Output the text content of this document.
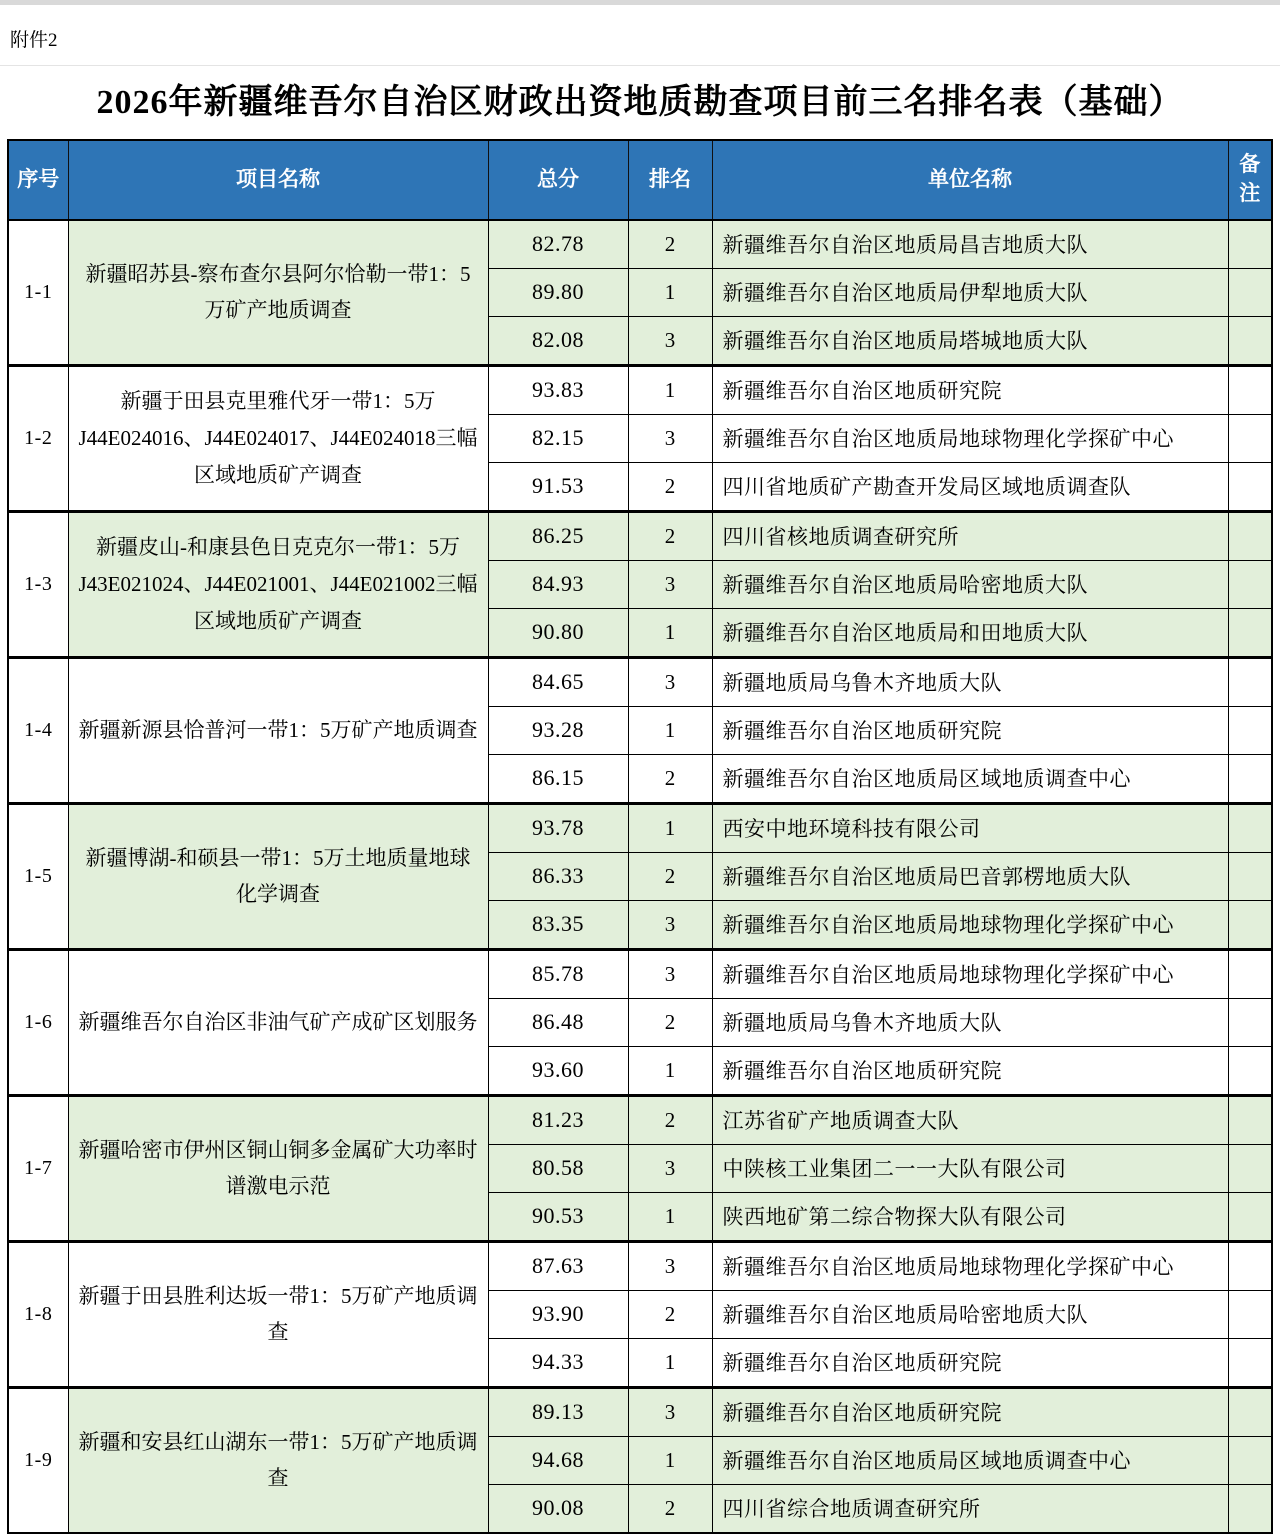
附件2
2026年新疆维吾尔自治区财政出资地质勘查项目前三名排名表（基础）
序号	项目名称	总分	排名	单位名称	备注
1-1	新疆昭苏县-察布查尔县阿尔恰勒一带1：5万矿产地质调查	82.78	2	新疆维吾尔自治区地质局昌吉地质大队	
		89.80	1	新疆维吾尔自治区地质局伊犁地质大队	
		82.08	3	新疆维吾尔自治区地质局塔城地质大队	
1-2	新疆于田县克里雅代牙一带1：5万J44E024016、J44E024017、J44E024018三幅区域地质矿产调查	93.83	1	新疆维吾尔自治区地质研究院	
		82.15	3	新疆维吾尔自治区地质局地球物理化学探矿中心	
		91.53	2	四川省地质矿产勘查开发局区域地质调查队	
1-3	新疆皮山-和康县色日克克尔一带1：5万J43E021024、J44E021001、J44E021002三幅区域地质矿产调查	86.25	2	四川省核地质调查研究所	
		84.93	3	新疆维吾尔自治区地质局哈密地质大队	
		90.80	1	新疆维吾尔自治区地质局和田地质大队	
1-4	新疆新源县恰普河一带1：5万矿产地质调查	84.65	3	新疆地质局乌鲁木齐地质大队	
		93.28	1	新疆维吾尔自治区地质研究院	
		86.15	2	新疆维吾尔自治区地质局区域地质调查中心	
1-5	新疆博湖-和硕县一带1：5万土地质量地球化学调查	93.78	1	西安中地环境科技有限公司	
		86.33	2	新疆维吾尔自治区地质局巴音郭楞地质大队	
		83.35	3	新疆维吾尔自治区地质局地球物理化学探矿中心	
1-6	新疆维吾尔自治区非油气矿产成矿区划服务	85.78	3	新疆维吾尔自治区地质局地球物理化学探矿中心	
		86.48	2	新疆地质局乌鲁木齐地质大队	
		93.60	1	新疆维吾尔自治区地质研究院	
1-7	新疆哈密市伊州区铜山铜多金属矿大功率时谱激电示范	81.23	2	江苏省矿产地质调查大队	
		80.58	3	中陕核工业集团二一一大队有限公司	
		90.53	1	陕西地矿第二综合物探大队有限公司	
1-8	新疆于田县胜利达坂一带1：5万矿产地质调查	87.63	3	新疆维吾尔自治区地质局地球物理化学探矿中心	
		93.90	2	新疆维吾尔自治区地质局哈密地质大队	
		94.33	1	新疆维吾尔自治区地质研究院	
1-9	新疆和安县红山湖东一带1：5万矿产地质调查	89.13	3	新疆维吾尔自治区地质研究院	
		94.68	1	新疆维吾尔自治区地质局区域地质调查中心	
		90.08	2	四川省综合地质调查研究所	
